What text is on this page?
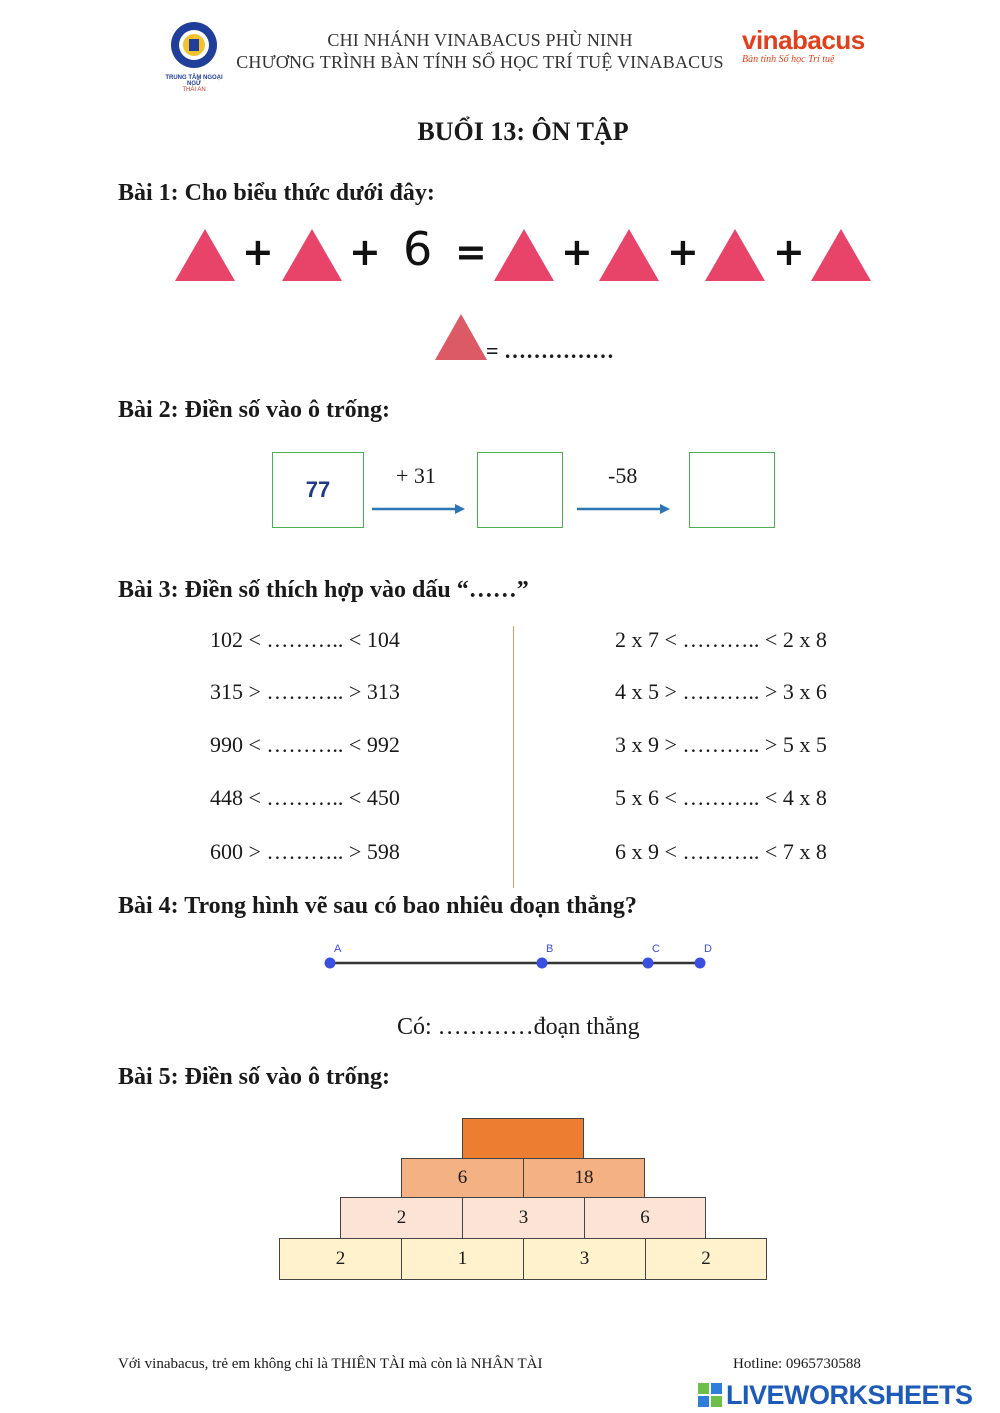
TRUNG TÂM NGOẠI NGỮ
THÁI AN
CHI NHÁNH VINABACUS PHÙ NINH
CHƯƠNG TRÌNH BÀN TÍNH SỐ HỌC TRÍ TUỆ VINABACUS
vinabacus
Bàn tính Số học Trí tuệ
BUỔI 13: ÔN TẬP
Bài 1: Cho biểu thức dưới đây:
+ + 6 = + + +
= ……………
Bài 2: Điền số vào ô trống:
77
+ 31	-58
Bài 3: Điền số thích hợp vào dấu “……”
102 < ……….. < 104
315 > ……….. > 313
990 < ……….. < 992
448 < ……….. < 450
600 > ……….. > 598
2 x 7 < ……….. < 2 x 8
4 x 5 > ……….. > 3 x 6
3 x 9 > ……….. > 5 x 5
5 x 6 < ……….. < 4 x 8
6 x 9 < ……….. < 7 x 8
Bài 4: Trong hình vẽ sau có bao nhiêu đoạn thẳng?
A	B	C	D
Có: …………đoạn thẳng
Bài 5: Điền số vào ô trống:
6	18
2	3	6
2	1	3	2
Với vinabacus, trẻ em không chỉ là THIÊN TÀI mà còn là NHÂN TÀI	Hotline: 0965730588
LIVEWORKSHEETS
